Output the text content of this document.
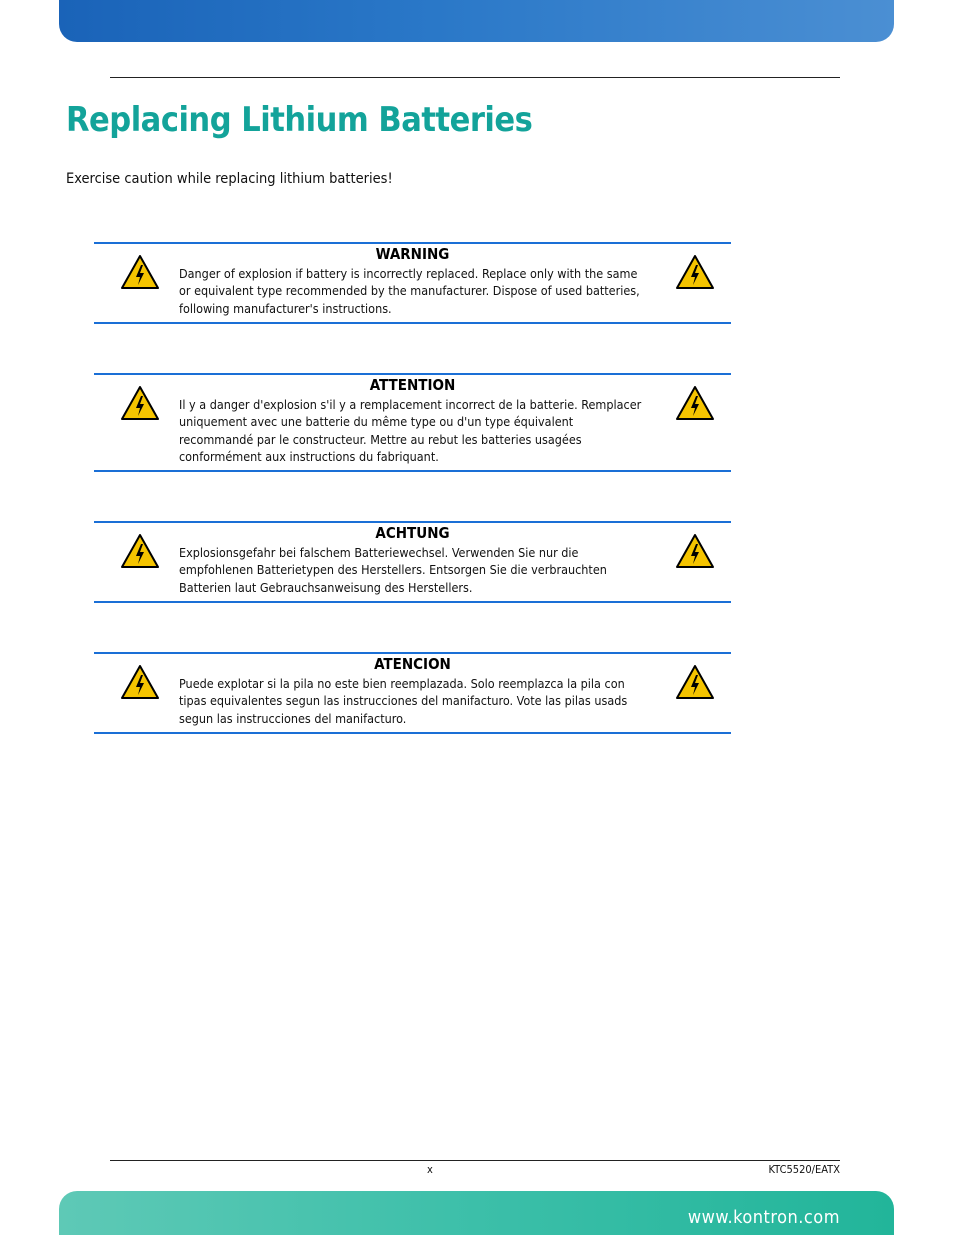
Replacing Lithium Batteries
Exercise caution while replacing lithium batteries!
WARNING
Danger of explosion if battery is incorrectly replaced. Replace only with the same or equivalent type recommended by the manufacturer. Dispose of used batteries, following manufacturer's instructions.
ATTENTION
Il y a danger d'explosion s'il y a remplacement incorrect de la batterie. Remplacer uniquement avec une batterie du même type ou d'un type équivalent recommandé par le constructeur. Mettre au rebut les batteries usagées conformément aux instructions du fabriquant.
ACHTUNG
Explosionsgefahr bei falschem Batteriewechsel. Verwenden Sie nur die empfohlenen Batterietypen des Herstellers. Entsorgen Sie die verbrauchten Batterien laut Gebrauchsanweisung des Herstellers.
ATENCION
Puede explotar si la pila no este bien reemplazada. Solo reemplazca la pila con tipas equivalentes segun las instrucciones del manifacturo. Vote las pilas usads segun las instrucciones del manifacturo.
x	KTC5520/EATX
www.kontron.com
